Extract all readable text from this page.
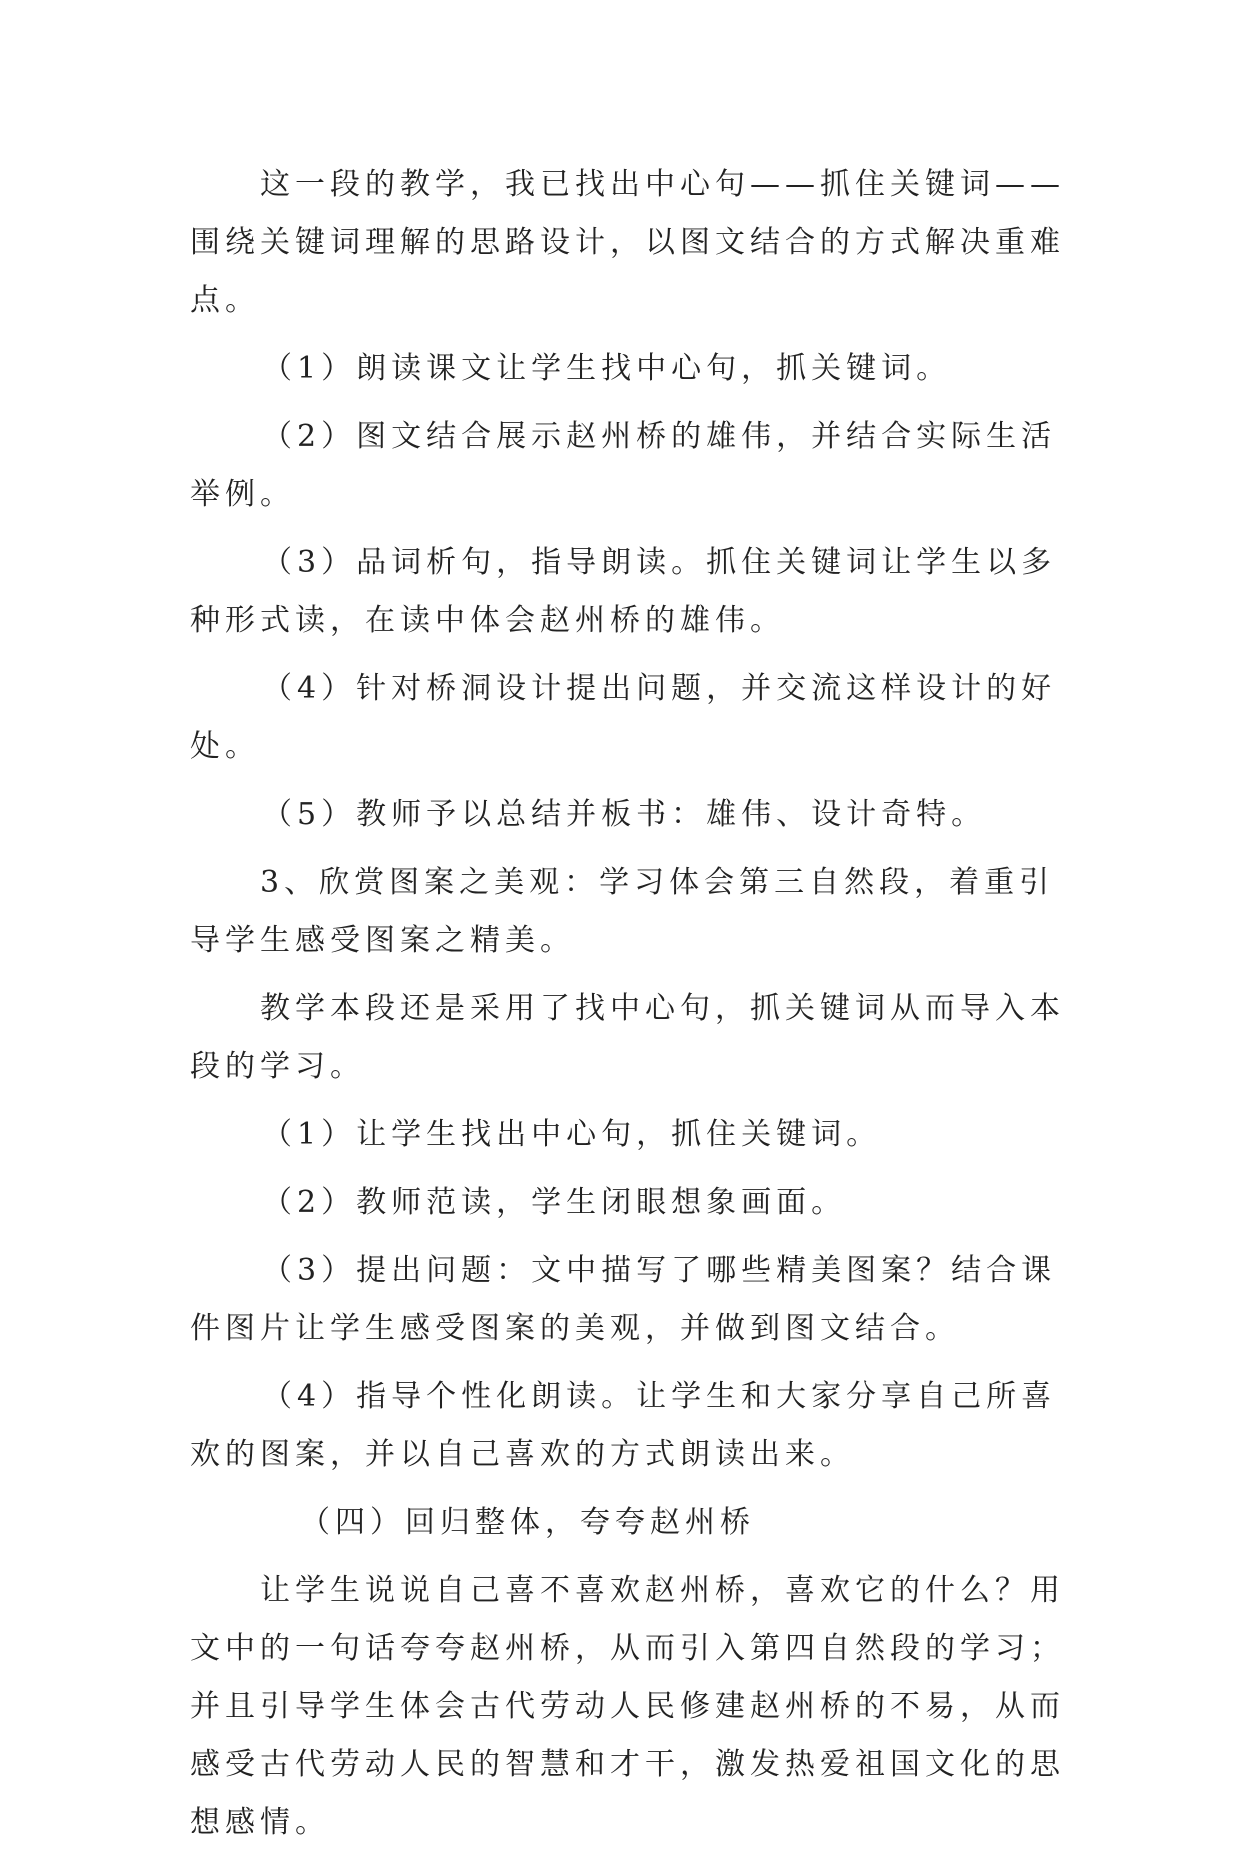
这一段的教学，我已找出中心句——抓住关键词——围绕关键词理解的思路设计，以图文结合的方式解决重难点。

（1）朗读课文让学生找中心句，抓关键词。

（2）图文结合展示赵州桥的雄伟，并结合实际生活举例。

（3）品词析句，指导朗读。抓住关键词让学生以多种形式读，在读中体会赵州桥的雄伟。

（4）针对桥洞设计提出问题，并交流这样设计的好处。

（5）教师予以总结并板书：雄伟、设计奇特。

3、欣赏图案之美观：学习体会第三自然段，着重引导学生感受图案之精美。

教学本段还是采用了找中心句，抓关键词从而导入本段的学习。

（1）让学生找出中心句，抓住关键词。

（2）教师范读，学生闭眼想象画面。

（3）提出问题：文中描写了哪些精美图案？结合课件图片让学生感受图案的美观，并做到图文结合。

（4）指导个性化朗读。让学生和大家分享自己所喜欢的图案，并以自己喜欢的方式朗读出来。

（四）回归整体，夸夸赵州桥

让学生说说自己喜不喜欢赵州桥，喜欢它的什么？用文中的一句话夸夸赵州桥，从而引入第四自然段的学习；并且引导学生体会古代劳动人民修建赵州桥的不易，从而感受古代劳动人民的智慧和才干，激发热爱祖国文化的思想感情。
